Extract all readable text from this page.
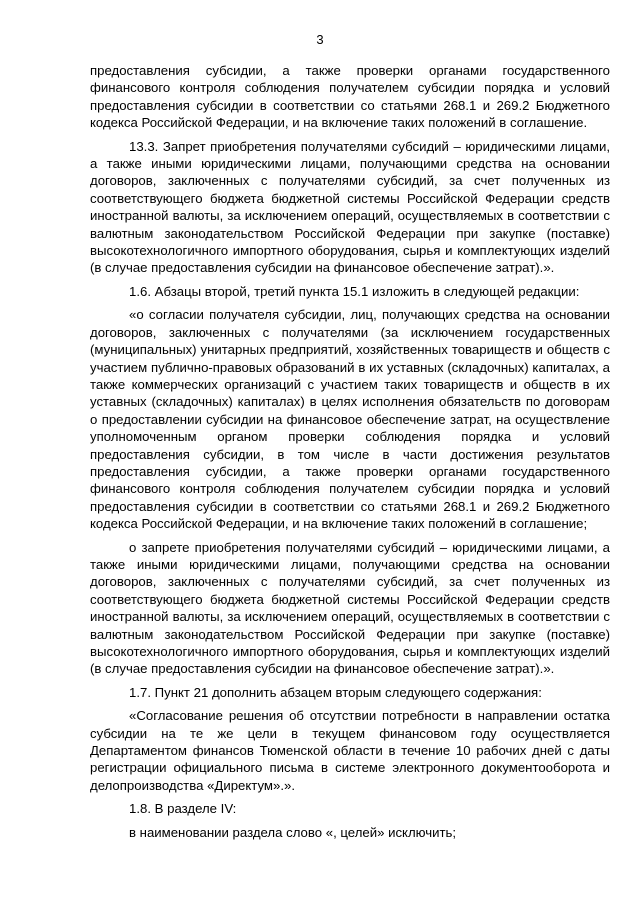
3

предоставления субсидии, а также проверки органами государственного финансового контроля соблюдения получателем субсидии порядка и условий предоставления субсидии в соответствии со статьями 268.1 и 269.2 Бюджетного кодекса Российской Федерации, и на включение таких положений в соглашение.

13.3. Запрет приобретения получателями субсидий – юридическими лицами, а также иными юридическими лицами, получающими средства на основании договоров, заключенных с получателями субсидий, за счет полученных из соответствующего бюджета бюджетной системы Российской Федерации средств иностранной валюты, за исключением операций, осуществляемых в соответствии с валютным законодательством Российской Федерации при закупке (поставке) высокотехнологичного импортного оборудования, сырья и комплектующих изделий (в случае предоставления субсидии на финансовое обеспечение затрат).».

1.6. Абзацы второй, третий пункта 15.1 изложить в следующей редакции:

«о согласии получателя субсидии, лиц, получающих средства на основании договоров, заключенных с получателями (за исключением государственных (муниципальных) унитарных предприятий, хозяйственных товариществ и обществ с участием публично-правовых образований в их уставных (складочных) капиталах, а также коммерческих организаций с участием таких товариществ и обществ в их уставных (складочных) капиталах) в целях исполнения обязательств по договорам о предоставлении субсидии на финансовое обеспечение затрат, на осуществление уполномоченным органом проверки соблюдения порядка и условий предоставления субсидии, в том числе в части достижения результатов предоставления субсидии, а также проверки органами государственного финансового контроля соблюдения получателем субсидии порядка и условий предоставления субсидии в соответствии со статьями 268.1 и 269.2 Бюджетного кодекса Российской Федерации, и на включение таких положений в соглашение;

о запрете приобретения получателями субсидий – юридическими лицами, а также иными юридическими лицами, получающими средства на основании договоров, заключенных с получателями субсидий, за счет полученных из соответствующего бюджета бюджетной системы Российской Федерации средств иностранной валюты, за исключением операций, осуществляемых в соответствии с валютным законодательством Российской Федерации при закупке (поставке) высокотехнологичного импортного оборудования, сырья и комплектующих изделий (в случае предоставления субсидии на финансовое обеспечение затрат).».

1.7. Пункт 21 дополнить абзацем вторым следующего содержания:

«Согласование решения об отсутствии потребности в направлении остатка субсидии на те же цели в текущем финансовом году осуществляется Департаментом финансов Тюменской области в течение 10 рабочих дней с даты регистрации официального письма в системе электронного документооборота и делопроизводства «Директум».».

1.8. В разделе IV:

в наименовании раздела слово «, целей» исключить;
